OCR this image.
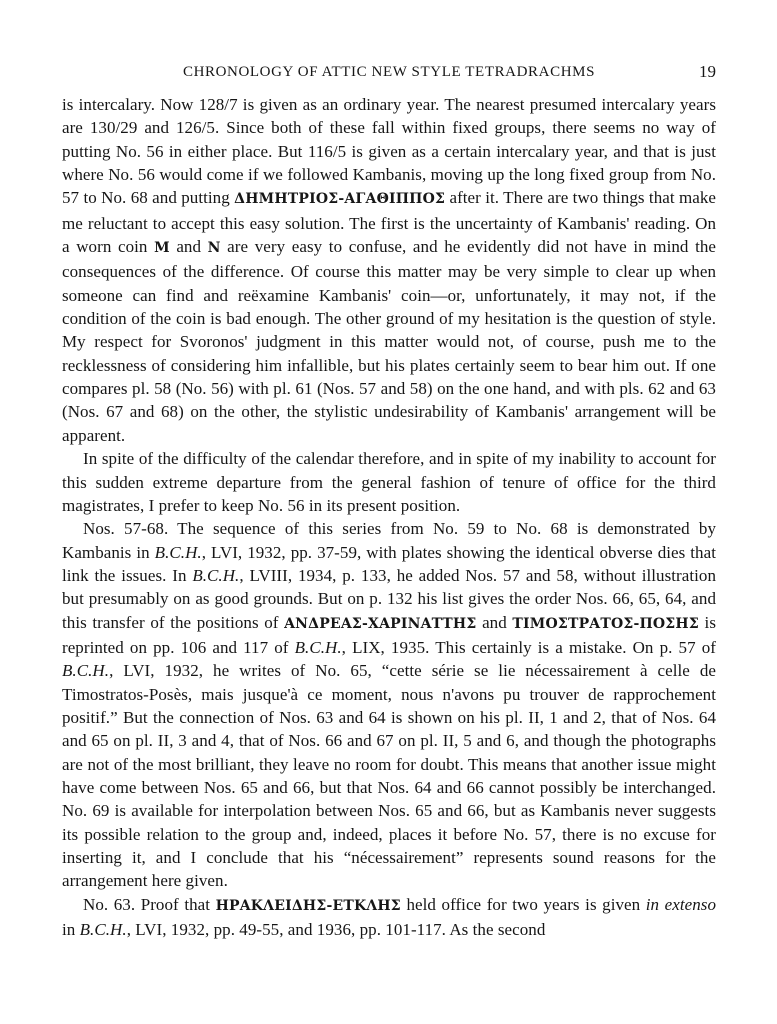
CHRONOLOGY OF ATTIC NEW STYLE TETRADRACHMS	19

is intercalary. Now 128/7 is given as an ordinary year. The nearest presumed intercalary years are 130/29 and 126/5. Since both of these fall within fixed groups, there seems no way of putting No. 56 in either place. But 116/5 is given as a certain intercalary year, and that is just where No. 56 would come if we followed Kambanis, moving up the long fixed group from No. 57 to No. 68 and putting ΔΗΜΗΤΡΙΟΣ-ΑΓΑΘΙΠΠΟΣ after it. There are two things that make me reluctant to accept this easy solution. The first is the uncertainty of Kambanis' reading. On a worn coin M and N are very easy to confuse, and he evidently did not have in mind the consequences of the difference. Of course this matter may be very simple to clear up when someone can find and reëxamine Kambanis' coin—or, unfortunately, it may not, if the condition of the coin is bad enough. The other ground of my hesitation is the question of style. My respect for Svoronos' judgment in this matter would not, of course, push me to the recklessness of considering him infallible, but his plates certainly seem to bear him out. If one compares pl. 58 (No. 56) with pl. 61 (Nos. 57 and 58) on the one hand, and with pls. 62 and 63 (Nos. 67 and 68) on the other, the stylistic undesirability of Kambanis' arrangement will be apparent.

In spite of the difficulty of the calendar therefore, and in spite of my inability to account for this sudden extreme departure from the general fashion of tenure of office for the third magistrates, I prefer to keep No. 56 in its present position.

Nos. 57-68. The sequence of this series from No. 59 to No. 68 is demonstrated by Kambanis in B.C.H., LVI, 1932, pp. 37-59, with plates showing the identical obverse dies that link the issues. In B.C.H., LVIII, 1934, p. 133, he added Nos. 57 and 58, without illustration but presumably on as good grounds. But on p. 132 his list gives the order Nos. 66, 65, 64, and this transfer of the positions of ΑΝΔΡΕΑΣ-ΧΑΡΙΝΑΤΤΗΣ and ΤΙΜΟΣΤΡΑΤΟΣ-ΠΟΣΗΣ is reprinted on pp. 106 and 117 of B.C.H., LIX, 1935. This certainly is a mistake. On p. 57 of B.C.H., LVI, 1932, he writes of No. 65, “cette série se lie nécessairement à celle de Timostratos-Posès, mais jusque'à ce moment, nous n'avons pu trouver de rapprochement positif.” But the connection of Nos. 63 and 64 is shown on his pl. II, 1 and 2, that of Nos. 64 and 65 on pl. II, 3 and 4, that of Nos. 66 and 67 on pl. II, 5 and 6, and though the photographs are not of the most brilliant, they leave no room for doubt. This means that another issue might have come between Nos. 65 and 66, but that Nos. 64 and 66 cannot possibly be interchanged. No. 69 is available for interpolation between Nos. 65 and 66, but as Kambanis never suggests its possible relation to the group and, indeed, places it before No. 57, there is no excuse for inserting it, and I conclude that his “nécessairement” represents sound reasons for the arrangement here given.

No. 63. Proof that ΗΡΑΚΛΕΙΔΗΣ-ΕΤΚΛΗΣ held office for two years is given in extenso in B.C.H., LVI, 1932, pp. 49-55, and 1936, pp. 101-117. As the second
